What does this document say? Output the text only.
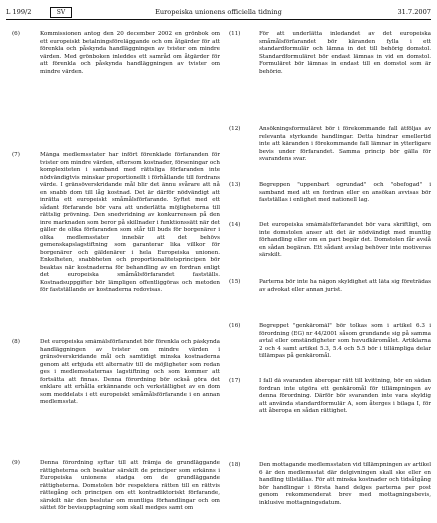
L 199/2	SV	Europeiska unionens officiella tidning	31.7.2007
(6)	Kommissionen antog den 20 december 2002 en grönbok om ett europeiskt betalningsföreläggande och om åtgärder för att förenkla och påskynda handläggningen av tvister om mindre värden. Med grönboken inleddes ett samråd om åtgärder för att förenkla och påskynda handläggningen av tvister om mindre värden.
(7)	Många medlemsstater har infört förenklade förfaranden för tvister om mindre värden, eftersom kostnader, förseningar och komplexiteten i samband med rättsliga förfaranden inte nödvändigtvis minskar proportionellt i förhållande till fordrans värde. I gränsöverskridande mål blir det ännu svårare att nå en snabb dom till låg kostnad. Det är därför nödvändigt att inrätta ett europeiskt småmålsförfarande. Syftet med ett sådant förfarande bör vara att underlätta möjligheterna till rättslig prövning. Den snedvridning av konkurrensen på den inre marknaden som beror på skillnader i funktionssätt när det gäller de olika förfaranden som står till buds för borgenärer i olika medlemsstater innebär att det behövs gemenskapslagstiftning som garanterar lika villkor för borgenärer och gäldenärer i hela Europeiska unionen. Enkelheten, snabbheten och proportionalitetsprincipen bör beaktas när kostnaderna för behandling av en fordran enligt det europeiska småmålsförfarandet fastställs. Kostnadsuppgifter bör lämpligen offentliggöras och metoden för fastställande av kostnaderna redovisas.
(8)	Det europeiska småmålsförfarandet bör förenkla och påskynda handläggningen av tvister om mindre värden i gränsöverskridande mål och samtidigt minska kostnaderna genom att erbjuda ett alternativ till de möjligheter som redan ges i medlemsstaternas lagstiftning och som kommer att fortsätta att finnas. Denna förordning bör också göra det enklare att erhålla erkännande och verkställighet av en dom som meddelats i ett europeiskt småmålsförfarande i en annan medlemsstat.
(9)	Denna förordning syftar till att främja de grundläggande rättigheterna och beaktar särskilt de principer som erkänns i Europeiska unionens stadga om de grundläggande rättigheterna. Domstolen bör respektera rätten till en rättvis rättegång och principen om ett kontradiktoriskt förfarande, särskilt när den beslutar om muntliga förhandlingar och om sättet för bevisupptagning som skall medges samt om
(11)	För att underlätta inledandet av det europeiska småmålsförfarandet bör käranden fylla i ett standardformulär och lämna in det till behörig domstol. Standardformuläret bör endast lämnas in vid en domstol. Formuläret bör lämnas in endast till en domstol som är behörig.
(12)	Ansökningsformuläret bör i förekommande fall åtföljas av relevanta styrkande handlingar. Detta hindrar emellertid inte att käranden i förekommande fall lämnar in ytterligare bevis under förfarandet. Samma princip bör gälla för svarandens svar.
(13)	Begreppen "uppenbart ogrundad" och "obefogad" i samband med att en fordran eller en ansökan avvisas bör fastställas i enlighet med nationell lag.
(14)	Det europeiska småmålsförfarandet bör vara skriftligt, om inte domstolen anser att det är nödvändigt med muntlig förhandling eller om en part begär det. Domstolen får avslå en sådan begäran. Ett sådant avslag behöver inte motiveras särskilt.
(15)	Parterna bör inte ha någon skyldighet att låta sig företrädas av advokat eller annan jurist.
(16)	Begreppet "genkäromål" bör tolkas som i artikel 6.3 i förordning (EG) nr 44/2001 såsom grundande sig på samma avtal eller omständigheter som huvudkäromålet. Artiklarna 2 och 4 samt artikel 5.3, 5.4 och 5.5 bör i tillämpliga delar tillämpas på genkäromål.
(17)	I fall då svaranden åberopar rätt till kvittning, bör en sådan fordran inte utgöra ett genkäromål för tillämpningen av denna förordning. Därför bör svaranden inte vara skyldig att använda standardformulär A, som återges i bilaga I, för att åberopa en sådan rättighet.
(18)	Den mottagande medlemsstaten vid tillämpningen av artikel 6 är den medlemsstat där delgivningen skall ske eller en handling tillställas. För att minska kostnader och tidsåtgång bör handlingar i första hand delges parterna per post genom rekommenderat brev med mottagningsbevis, inklusive mottagningsdatum.
